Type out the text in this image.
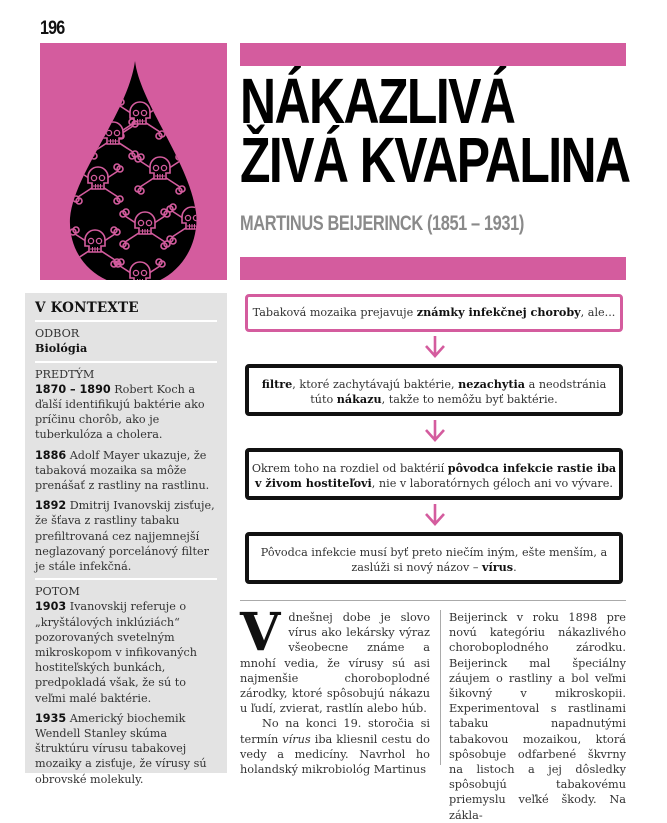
196
NÁKAZLIVÁ
ŽIVÁ KVAPALINA
MARTINUS BEIJERINCK (1851 – 1931)
V KONTEXTE
ODBOR
Biológia
PREDTÝM
1870 – 1890 Robert Koch a ďalší identifikujú baktérie ako príčinu chorôb, ako je tuberkulóza a cholera.
1886 Adolf Mayer ukazuje, že tabaková mozaika sa môže prenášať z rastliny na rastlinu.
1892 Dmitrij Ivanovskij zisťuje, že šťava z rastliny tabaku prefiltrovaná cez najjemnejší neglazovaný porcelánový filter je stále infekčná.
POTOM
1903 Ivanovskij referuje o „kryštálových inklúziách“ pozorovaných svetelným mikroskopom v infikovaných hostiteľských bunkách, predpokladá však, že sú to veľmi malé baktérie.
1935 Americký biochemik Wendell Stanley skúma štruktúru vírusu tabakovej mozaiky a zisťuje, že vírusy sú obrovské molekuly.
Tabaková mozaika prejavuje známky infekčnej choroby, ale...
filtre, ktoré zachytávajú baktérie, nezachytia a neodstránia túto nákazu, takže to nemôžu byť baktérie.
Okrem toho na rozdiel od baktérií pôvodca infekcie rastie iba v živom hostiteľovi, nie v laboratórnych géloch ani vo vývare.
Pôvodca infekcie musí byť preto niečím iným, ešte menším, a zaslúži si nový názov – vírus.
V dnešnej dobe je slovo vírus ako lekársky výraz všeobecne známe a mnohí vedia, že vírusy sú asi najmenšie choroboplodné zárodky, ktoré spôsobujú nákazu u ľudí, zvierat, rastlín alebo húb.

No na konci 19. storočia si termín vírus iba kliesnil cestu do vedy a medicíny. Navrhol ho holandský mikrobiológ Martinus

Beijerinck v roku 1898 pre novú kategóriu nákazlivého choroboplodného zárodku. Beijerinck mal špeciálny záujem o rastliny a bol veľmi šikovný v mikroskopii. Experimentoval s rastlinami tabaku napadnutými tabakovou mozaikou, ktorá spôsobuje odfarbené škvrny na listoch a jej dôsledky spôsobujú tabakovému priemyslu veľké škody. Na zákla-
